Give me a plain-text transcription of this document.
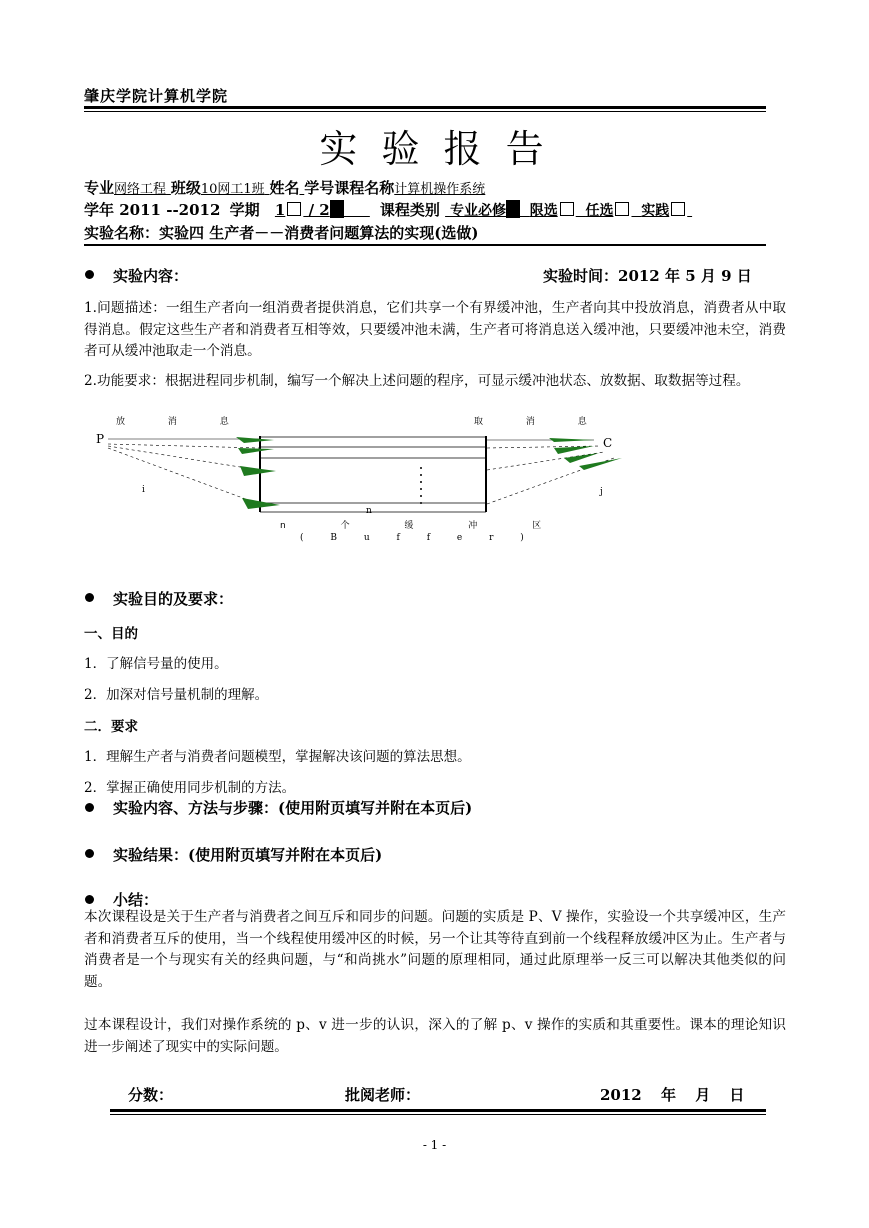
肇庆学院计算机学院
实 验 报 告
专业网络工程 班级10网工1班 姓名 学号课程名称计算机操作系统
学年 2011 --2012 学期 1 / 2	课程类别 专业必修 限选 任选 实践
实验名称：实验四 生产者－－消费者问题算法的实现(选做)
实验内容：	实验时间：2012 年 5 月 9 日
1.问题描述：一组生产者向一组消费者提供消息，它们共享一个有界缓冲池，生产者向其中投放消息，消费者从中取得消息。假定这些生产者和消费者互相等效，只要缓冲池未满，生产者可将消息送入缓冲池，只要缓冲池未空，消费者可从缓冲池取走一个消息。
2.功能要求：根据进程同步机制，编写一个解决上述问题的程序，可显示缓冲池状态、放数据、取数据等过程。
放 消 息	取 消 息
P	C
i	j
n
n 个 缓 冲 区
( B u f f e r )
实验目的及要求：
一、目的
1．了解信号量的使用。
2．加深对信号量机制的理解。
二．要求
1．理解生产者与消费者问题模型，掌握解决该问题的算法思想。
2．掌握正确使用同步机制的方法。
实验内容、方法与步骤：(使用附页填写并附在本页后)
实验结果：(使用附页填写并附在本页后)
小结：
本次课程设是关于生产者与消费者之间互斥和同步的问题。问题的实质是 P、V 操作，实验设一个共享缓冲区，生产者和消费者互斥的使用，当一个线程使用缓冲区的时候，另一个让其等待直到前一个线程释放缓冲区为止。生产者与消费者是一个与现实有关的经典问题，与“和尚挑水”问题的原理相同，通过此原理举一反三可以解决其他类似的问题。
过本课程设计，我们对操作系统的 p、v 进一步的认识，深入的了解 p、v 操作的实质和其重要性。课本的理论知识进一步阐述了现实中的实际问题。
分数：	批阅老师：	2012 年 月 日
- 1 -
